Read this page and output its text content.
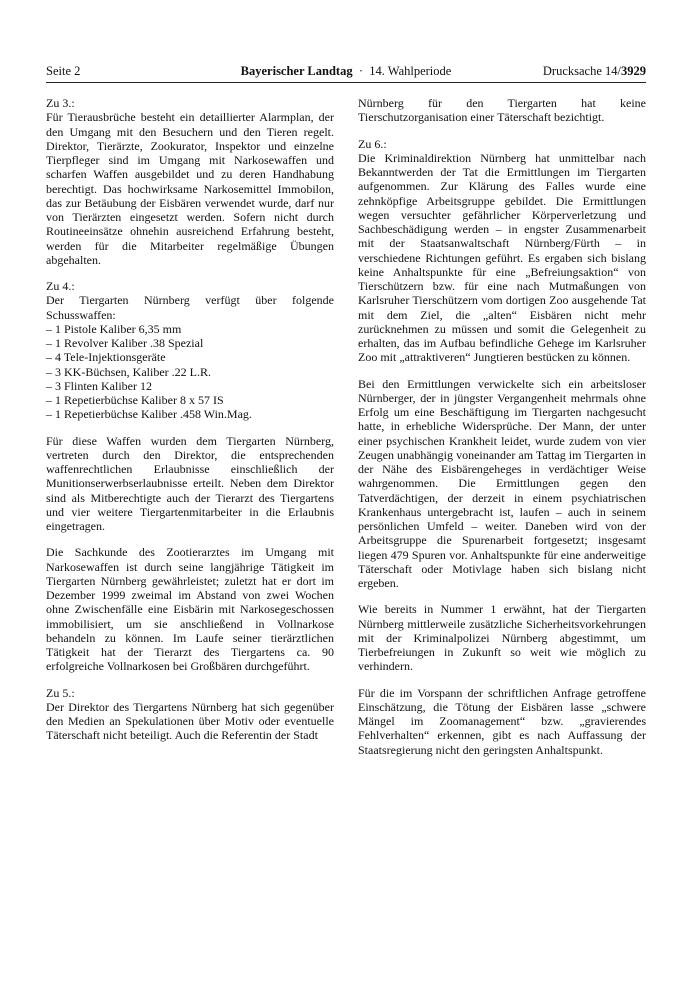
Seite 2	Bayerischer Landtag · 14. Wahlperiode	Drucksache 14/3929

Zu 3.:

Für Tierausbrüche besteht ein detaillierter Alarmplan, der den Umgang mit den Besuchern und den Tieren regelt. Direktor, Tierärzte, Zookurator, Inspektor und einzelne Tierpfleger sind im Umgang mit Narkosewaffen und scharfen Waffen ausgebildet und zu deren Handhabung berechtigt. Das hochwirksame Narkosemittel Immobilon, das zur Betäubung der Eisbären verwendet wurde, darf nur von Tierärzten eingesetzt werden. Sofern nicht durch Routineeinsätze ohnehin ausreichend Erfahrung besteht, werden für die Mitarbeiter regelmäßige Übungen abgehalten.

Zu 4.:

Der Tiergarten Nürnberg verfügt über folgende Schusswaffen:

– 1 Pistole Kaliber 6,35 mm
– 1 Revolver Kaliber .38 Spezial
– 4 Tele-Injektionsgeräte
– 3 KK-Büchsen, Kaliber .22 L.R.
– 3 Flinten Kaliber 12
– 1 Repetierbüchse Kaliber 8 x 57 IS
– 1 Repetierbüchse Kaliber .458 Win.Mag.

Für diese Waffen wurden dem Tiergarten Nürnberg, vertreten durch den Direktor, die entsprechenden waffenrechtlichen Erlaubnisse einschließlich der Munitionserwerbserlaubnisse erteilt. Neben dem Direktor sind als Mitberechtigte auch der Tierarzt des Tiergartens und vier weitere Tiergartenmitarbeiter in die Erlaubnis eingetragen.

Die Sachkunde des Zootierarztes im Umgang mit Narkosewaffen ist durch seine langjährige Tätigkeit im Tiergarten Nürnberg gewährleistet; zuletzt hat er dort im Dezember 1999 zweimal im Abstand von zwei Wochen ohne Zwischenfälle eine Eisbärin mit Narkosegeschossen immobilisiert, um sie anschließend in Vollnarkose behandeln zu können. Im Laufe seiner tierärztlichen Tätigkeit hat der Tierarzt des Tiergartens ca. 90 erfolgreiche Vollnarkosen bei Großbären durchgeführt.

Zu 5.:

Der Direktor des Tiergartens Nürnberg hat sich gegenüber den Medien an Spekulationen über Motiv oder eventuelle Täterschaft nicht beteiligt. Auch die Referentin der Stadt

Nürnberg für den Tiergarten hat keine Tierschutzorganisation einer Täterschaft bezichtigt.

Zu 6.:

Die Kriminaldirektion Nürnberg hat unmittelbar nach Bekanntwerden der Tat die Ermittlungen im Tiergarten aufgenommen. Zur Klärung des Falles wurde eine zehnköpfige Arbeitsgruppe gebildet. Die Ermittlungen wegen versuchter gefährlicher Körperverletzung und Sachbeschädigung werden – in engster Zusammenarbeit mit der Staatsanwaltschaft Nürnberg/Fürth – in verschiedene Richtungen geführt. Es ergaben sich bislang keine Anhaltspunkte für eine „Befreiungsaktion“ von Tierschützern bzw. für eine nach Mutmaßungen von Karlsruher Tierschützern vom dortigen Zoo ausgehende Tat mit dem Ziel, die „alten“ Eisbären nicht mehr zurücknehmen zu müssen und somit die Gelegenheit zu erhalten, das im Aufbau befindliche Gehege im Karlsruher Zoo mit „attraktiveren“ Jungtieren bestücken zu können.

Bei den Ermittlungen verwickelte sich ein arbeitsloser Nürnberger, der in jüngster Vergangenheit mehrmals ohne Erfolg um eine Beschäftigung im Tiergarten nachgesucht hatte, in erhebliche Widersprüche. Der Mann, der unter einer psychischen Krankheit leidet, wurde zudem von vier Zeugen unabhängig voneinander am Tattag im Tiergarten in der Nähe des Eisbärengeheges in verdächtiger Weise wahrgenommen. Die Ermittlungen gegen den Tatverdächtigen, der derzeit in einem psychiatrischen Krankenhaus untergebracht ist, laufen – auch in seinem persönlichen Umfeld – weiter. Daneben wird von der Arbeitsgruppe die Spurenarbeit fortgesetzt; insgesamt liegen 479 Spuren vor. Anhaltspunkte für eine anderweitige Täterschaft oder Motivlage haben sich bislang nicht ergeben.

Wie bereits in Nummer 1 erwähnt, hat der Tiergarten Nürnberg mittlerweile zusätzliche Sicherheitsvorkehrungen mit der Kriminalpolizei Nürnberg abgestimmt, um Tierbefreiungen in Zukunft so weit wie möglich zu verhindern.

Für die im Vorspann der schriftlichen Anfrage getroffene Einschätzung, die Tötung der Eisbären lasse „schwere Mängel im Zoomanagement“ bzw. „gravierendes Fehlverhalten“ erkennen, gibt es nach Auffassung der Staatsregierung nicht den geringsten Anhaltspunkt.
